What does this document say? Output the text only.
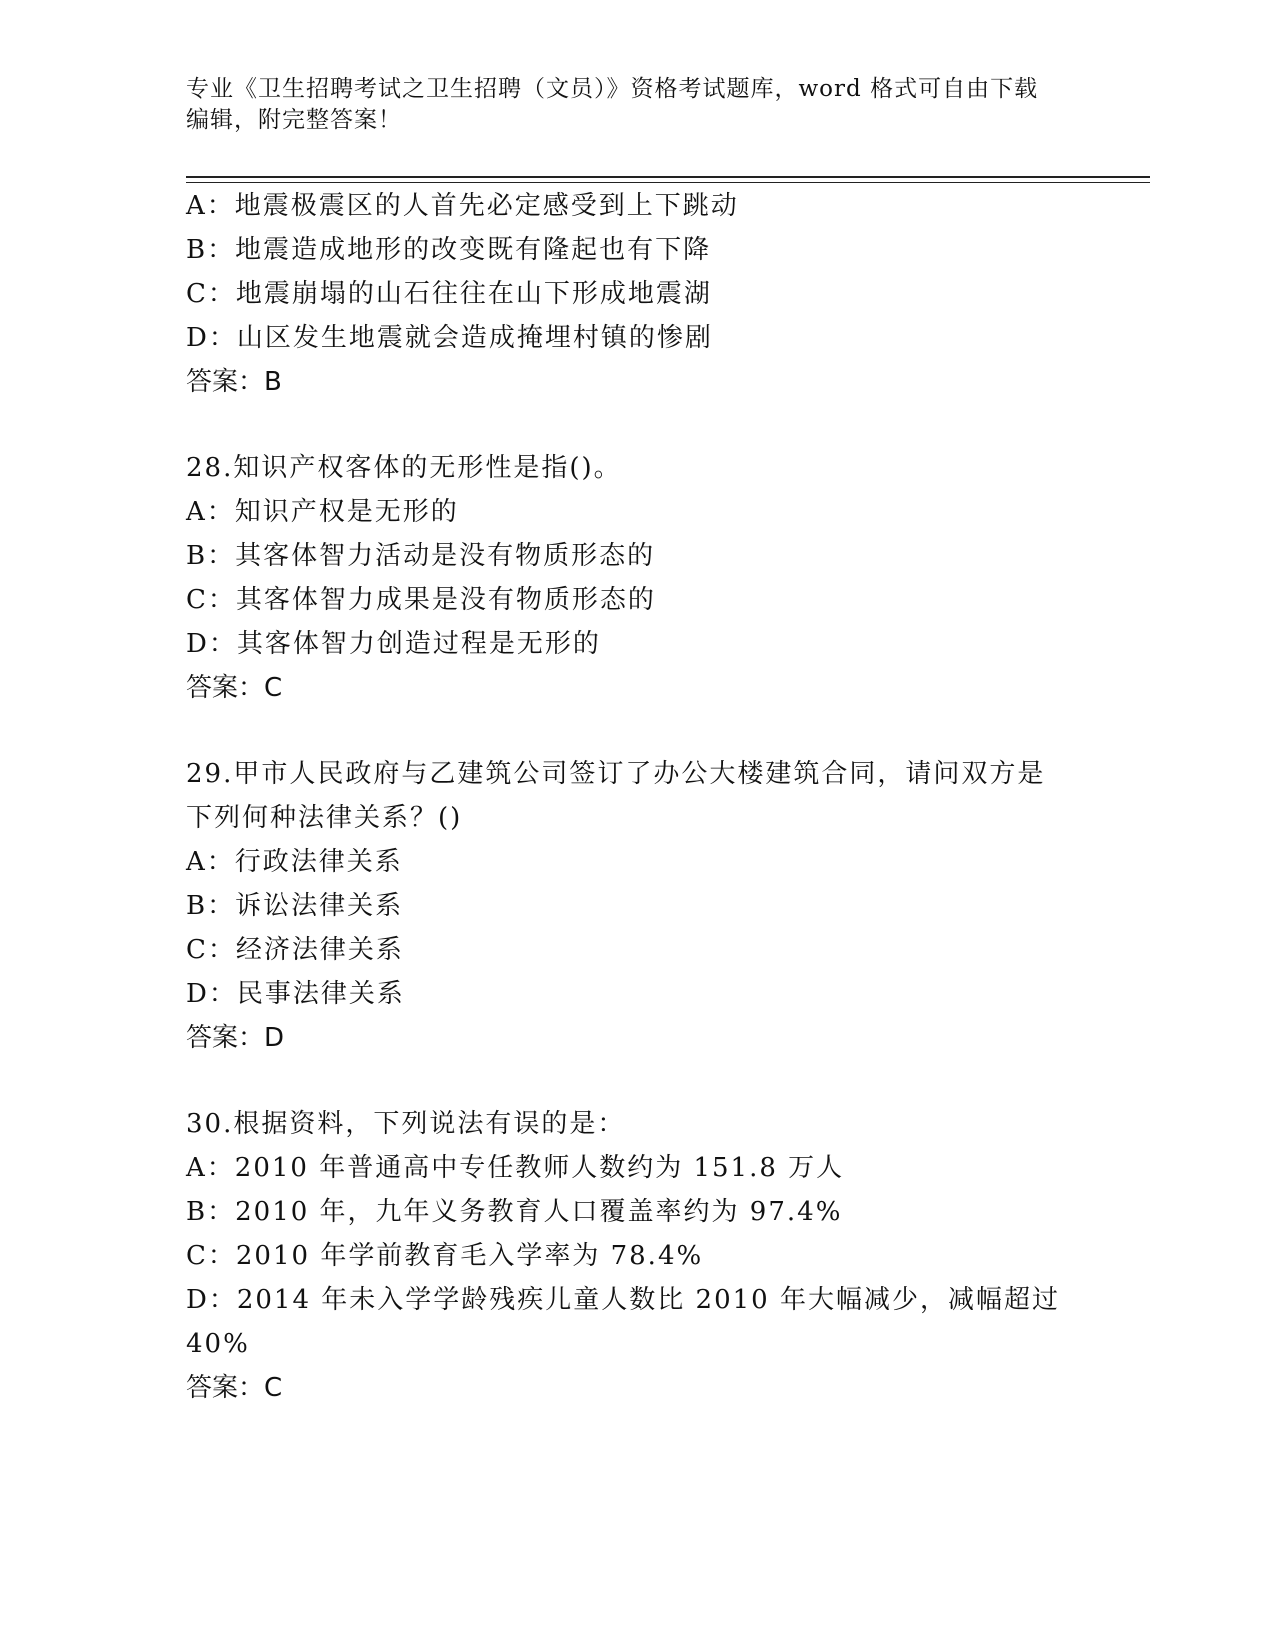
专业《卫生招聘考试之卫生招聘（文员）》资格考试题库，word 格式可自由下载
编辑，附完整答案！
A：地震极震区的人首先必定感受到上下跳动
B：地震造成地形的改变既有隆起也有下降
C：地震崩塌的山石往往在山下形成地震湖
D：山区发生地震就会造成掩埋村镇的惨剧
答案：B
28.知识产权客体的无形性是指()。
A：知识产权是无形的
B：其客体智力活动是没有物质形态的
C：其客体智力成果是没有物质形态的
D：其客体智力创造过程是无形的
答案：C
29.甲市人民政府与乙建筑公司签订了办公大楼建筑合同，请问双方是
下列何种法律关系？()
A：行政法律关系
B：诉讼法律关系
C：经济法律关系
D：民事法律关系
答案：D
30.根据资料，下列说法有误的是：
A：2010 年普通高中专任教师人数约为 151.8 万人
B：2010 年，九年义务教育人口覆盖率约为 97.4%
C：2010 年学前教育毛入学率为 78.4%
D：2014 年未入学学龄残疾儿童人数比 2010 年大幅减少，减幅超过
40%
答案：C
